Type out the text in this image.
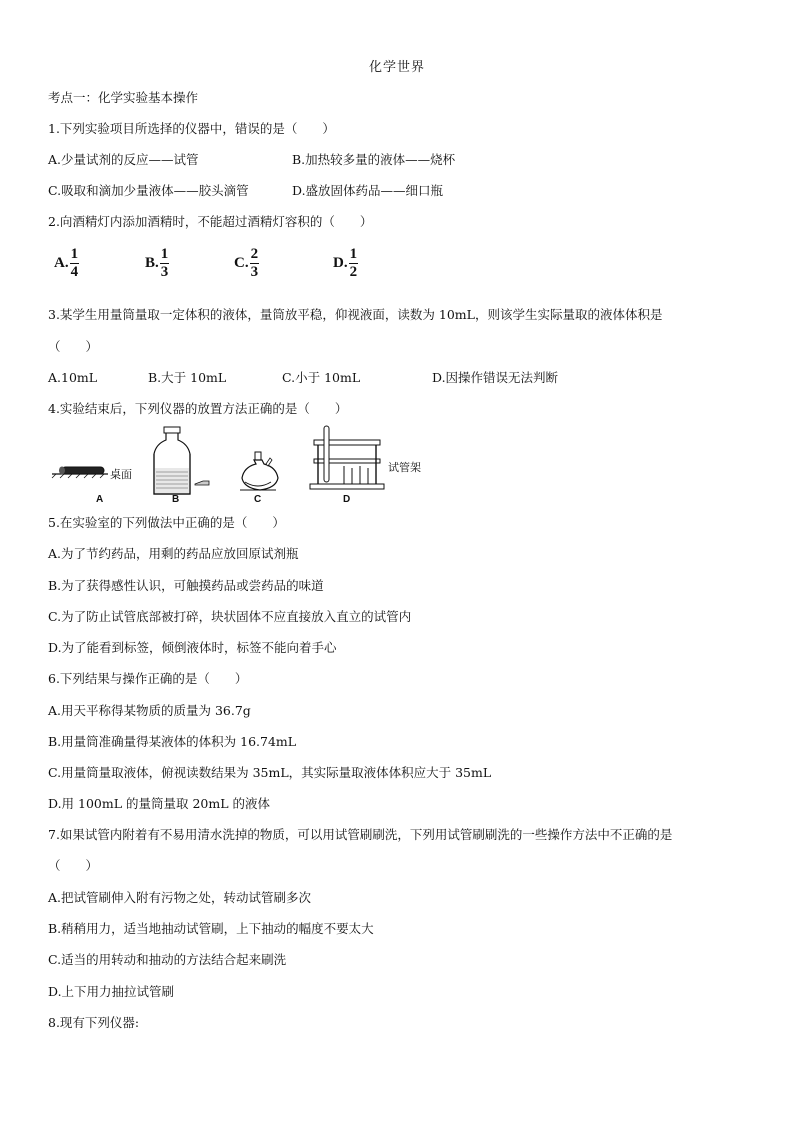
化学世界
考点一：化学实验基本操作
1.下列实验项目所选择的仪器中，错误的是（　　）
A.少量试剂的反应——试管	B.加热较多量的液体——烧杯
C.吸取和滴加少量液体——胶头滴管	D.盛放固体药品——细口瓶
2.向酒精灯内添加酒精时，不能超过酒精灯容积的（　　）
A. $\frac{1}{4}$	B. $\frac{1}{3}$	C. $\frac{2}{3}$	D. $\frac{1}{2}$
3.某学生用量筒量取一定体积的液体，量筒放平稳，仰视液面，读数为 10mL，则该学生实际量取的液体体积是
（　　）
A.10mL	B.大于 10mL	C.小于 10mL	D.因操作错误无法判断
4.实验结束后，下列仪器的放置方法正确的是（　　）
桌面
试管架
A	B	C	D
5.在实验室的下列做法中正确的是（　　）
A.为了节约药品，用剩的药品应放回原试剂瓶
B.为了获得感性认识，可触摸药品或尝药品的味道
C.为了防止试管底部被打碎，块状固体不应直接放入直立的试管内
D.为了能看到标签，倾倒液体时，标签不能向着手心
6.下列结果与操作正确的是（　　）
A.用天平称得某物质的质量为 36.7g
B.用量筒准确量得某液体的体积为 16.74mL
C.用量筒量取液体，俯视读数结果为 35mL，其实际量取液体体积应大于 35mL
D.用 100mL 的量筒量取 20mL 的液体
7.如果试管内附着有不易用清水洗掉的物质，可以用试管刷刷洗，下列用试管刷刷洗的一些操作方法中不正确的是
（　　）
A.把试管刷伸入附有污物之处，转动试管刷多次
B.稍稍用力，适当地抽动试管刷，上下抽动的幅度不要太大
C.适当的用转动和抽动的方法结合起来刷洗
D.上下用力抽拉试管刷
8.现有下列仪器:
